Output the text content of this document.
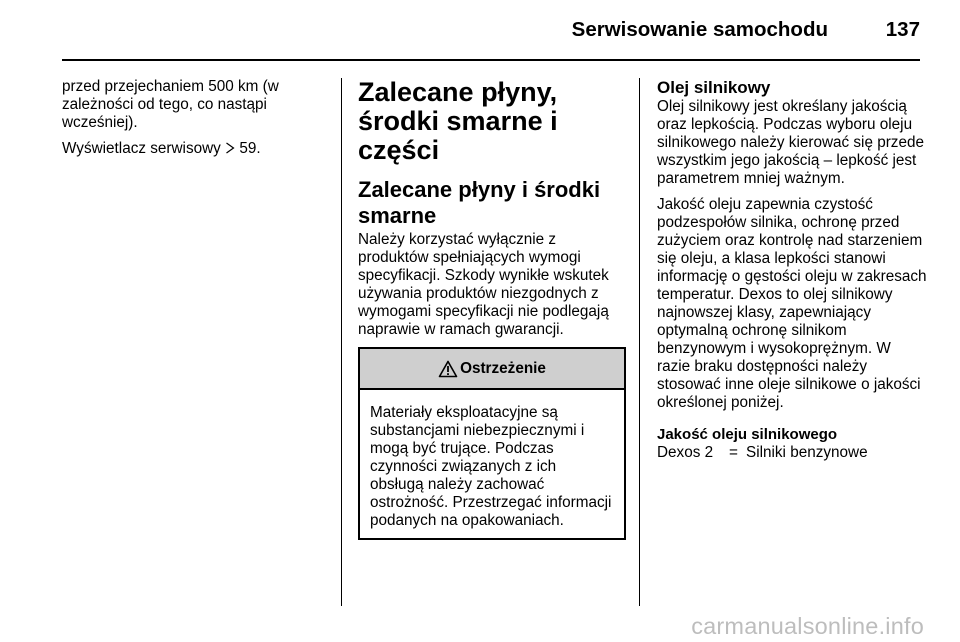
Serwisowanie samochodu	137

przed przejechaniem 500 km (w zależności od tego, co nastąpi wcześniej).

Wyświetlacz serwisowy 59.

Zalecane płyny, środki smarne i części
Zalecane płyny i środki smarne

Należy korzystać wyłącznie z produktów spełniających wymogi specyfikacji. Szkody wynikłe wskutek używania produktów niezgodnych z wymogami specyfikacji nie podlegają naprawie w ramach gwarancji.

Ostrzeżenie
Materiały eksploatacyjne są substancjami niebezpiecznymi i mogą być trujące. Podczas czynności związanych z ich obsługą należy zachować ostrożność. Przestrzegać informacji podanych na opakowaniach.
Olej silnikowy

Olej silnikowy jest określany jakością oraz lepkością. Podczas wyboru oleju silnikowego należy kierować się przede wszystkim jego jakością – lepkość jest parametrem mniej ważnym.

Jakość oleju zapewnia czystość podzespołów silnika, ochronę przed zużyciem oraz kontrolę nad starzeniem się oleju, a klasa lepkości stanowi informację o gęstości oleju w zakresach temperatur. Dexos to olej silnikowy najnowszej klasy, zapewniający optymalną ochronę silnikom benzynowym i wysokoprężnym. W razie braku dostępności należy stosować inne oleje silnikowe o jakości określonej poniżej.

Jakość oleju silnikowego
Dexos 2	= Silniki benzynowe
carmanualsonline.info
